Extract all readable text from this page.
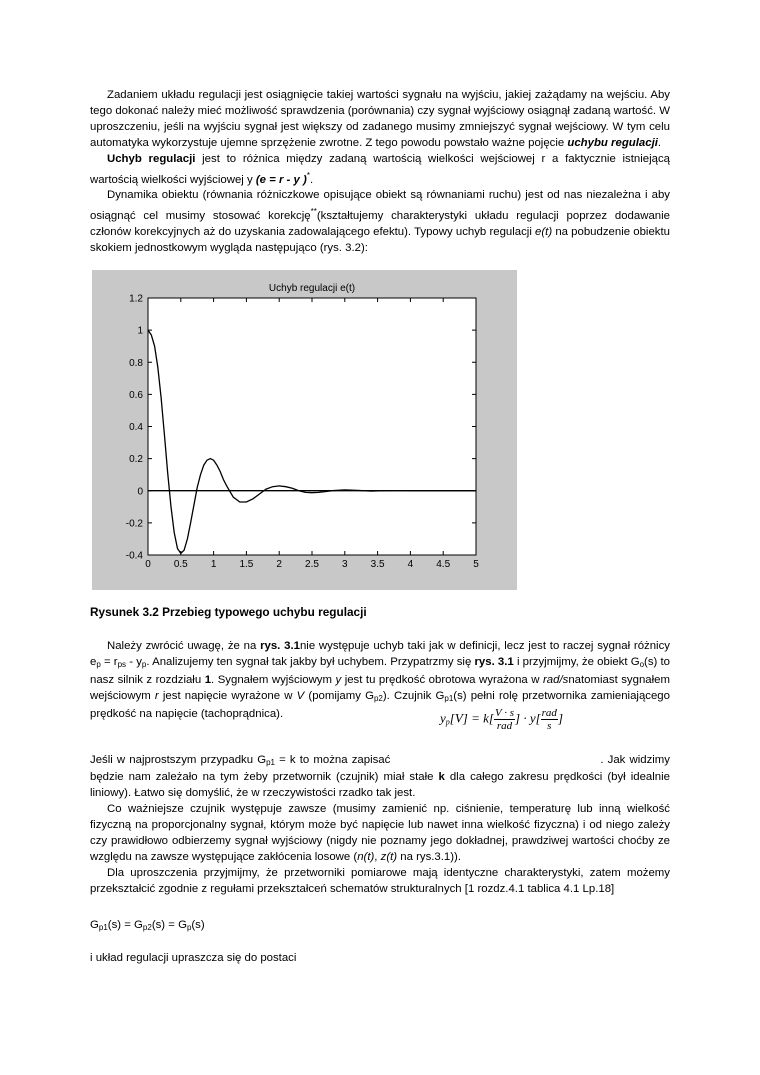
Zadaniem układu regulacji jest osiągnięcie takiej wartości sygnału na wyjściu, jakiej zażądamy na wejściu. Aby tego dokonać należy mieć możliwość sprawdzenia (porównania) czy sygnał wyjściowy osiągnął zadaną wartość. W uproszczeniu, jeśli na wyjściu sygnał jest większy od zadanego musimy zmniejszyć sygnał wejściowy. W tym celu automatyka wykorzystuje ujemne sprzężenie zwrotne. Z tego powodu powstało ważne pojęcie uchybu regulacji.

Uchyb regulacji jest to różnica między zadaną wartością wielkości wejściowej r a faktycznie istniejącą wartością wielkości wyjściowej y (e = r - y )*.

Dynamika obiektu (równania różniczkowe opisujące obiekt są równaniami ruchu) jest od nas niezależna i aby osiągnąć cel musimy stosować korekcję**(kształtujemy charakterystyki układu regulacji poprzez dodawanie członów korekcyjnych aż do uzyskania zadowalającego efektu). Typowy uchyb regulacji e(t) na pobudzenie obiektu skokiem jednostkowym wygląda następująco (rys. 3.2):

Uchyb regulacji e(t)
0 0.5 1 1.5 2 2.5 3 3.5 4 4.5 5
-0.4
-0.2
0
0.2
0.4
0.6
0.8
1
1.2
Rysunek 3.2 Przebieg typowego uchybu regulacji

Należy zwrócić uwagę, że na rys. 3.1nie występuje uchyb taki jak w definicji, lecz jest to raczej sygnał różnicy $e_p = r_{ps} - y_p$. Analizujemy ten sygnał tak jakby był uchybem. Przypatrzmy się rys. 3.1 i przyjmijmy, że obiekt $G_o(s)$ to nasz silnik z rozdziału 1. Sygnałem wyjściowym y jest tu prędkość obrotowa wyrażona w rad/snatomiast sygnałem wejściowym r jest napięcie wyrażone w V (pomijamy $G_{p2}$). Czujnik $G_{p1}(s)$ pełni rolę przetwornika zamieniającego prędkość na napięcie (tachoprądnica).	$y_p[V] = k[ \frac{V \cdot s}{\text{rad}}$ ] · $y[ \frac{\text{rad}}{s}$ ]

Jeśli w najprostszym przypadku $G_{p1} = k$ to można zapisać	. Jak widzimy będzie nam zależało na tym żeby przetwornik (czujnik) miał stałe k dla całego zakresu prędkości (był idealnie liniowy). Łatwo się domyślić, że w rzeczywistości rzadko tak jest.

Co ważniejsze czujnik występuje zawsze (musimy zamienić np. ciśnienie, temperaturę lub inną wielkość fizyczną na proporcjonalny sygnał, którym może być napięcie lub nawet inna wielkość fizyczna) i od niego zależy czy prawidłowo odbierzemy sygnał wyjściowy (nigdy nie poznamy jego dokładnej, prawdziwej wartości choćby ze względu na zawsze występujące zakłócenia losowe (n(t), z(t) na rys.3.1)).

Dla uproszczenia przyjmijmy, że przetworniki pomiarowe mają identyczne charakterystyki, zatem możemy przekształcić zgodnie z regułami przekształceń schematów strukturalnych [1 rozdz.4.1 tablica 4.1 Lp.18]

$G_{p1}(s) = G_{p2}(s) = G_p(s)$
i układ regulacji upraszcza się do postaci
